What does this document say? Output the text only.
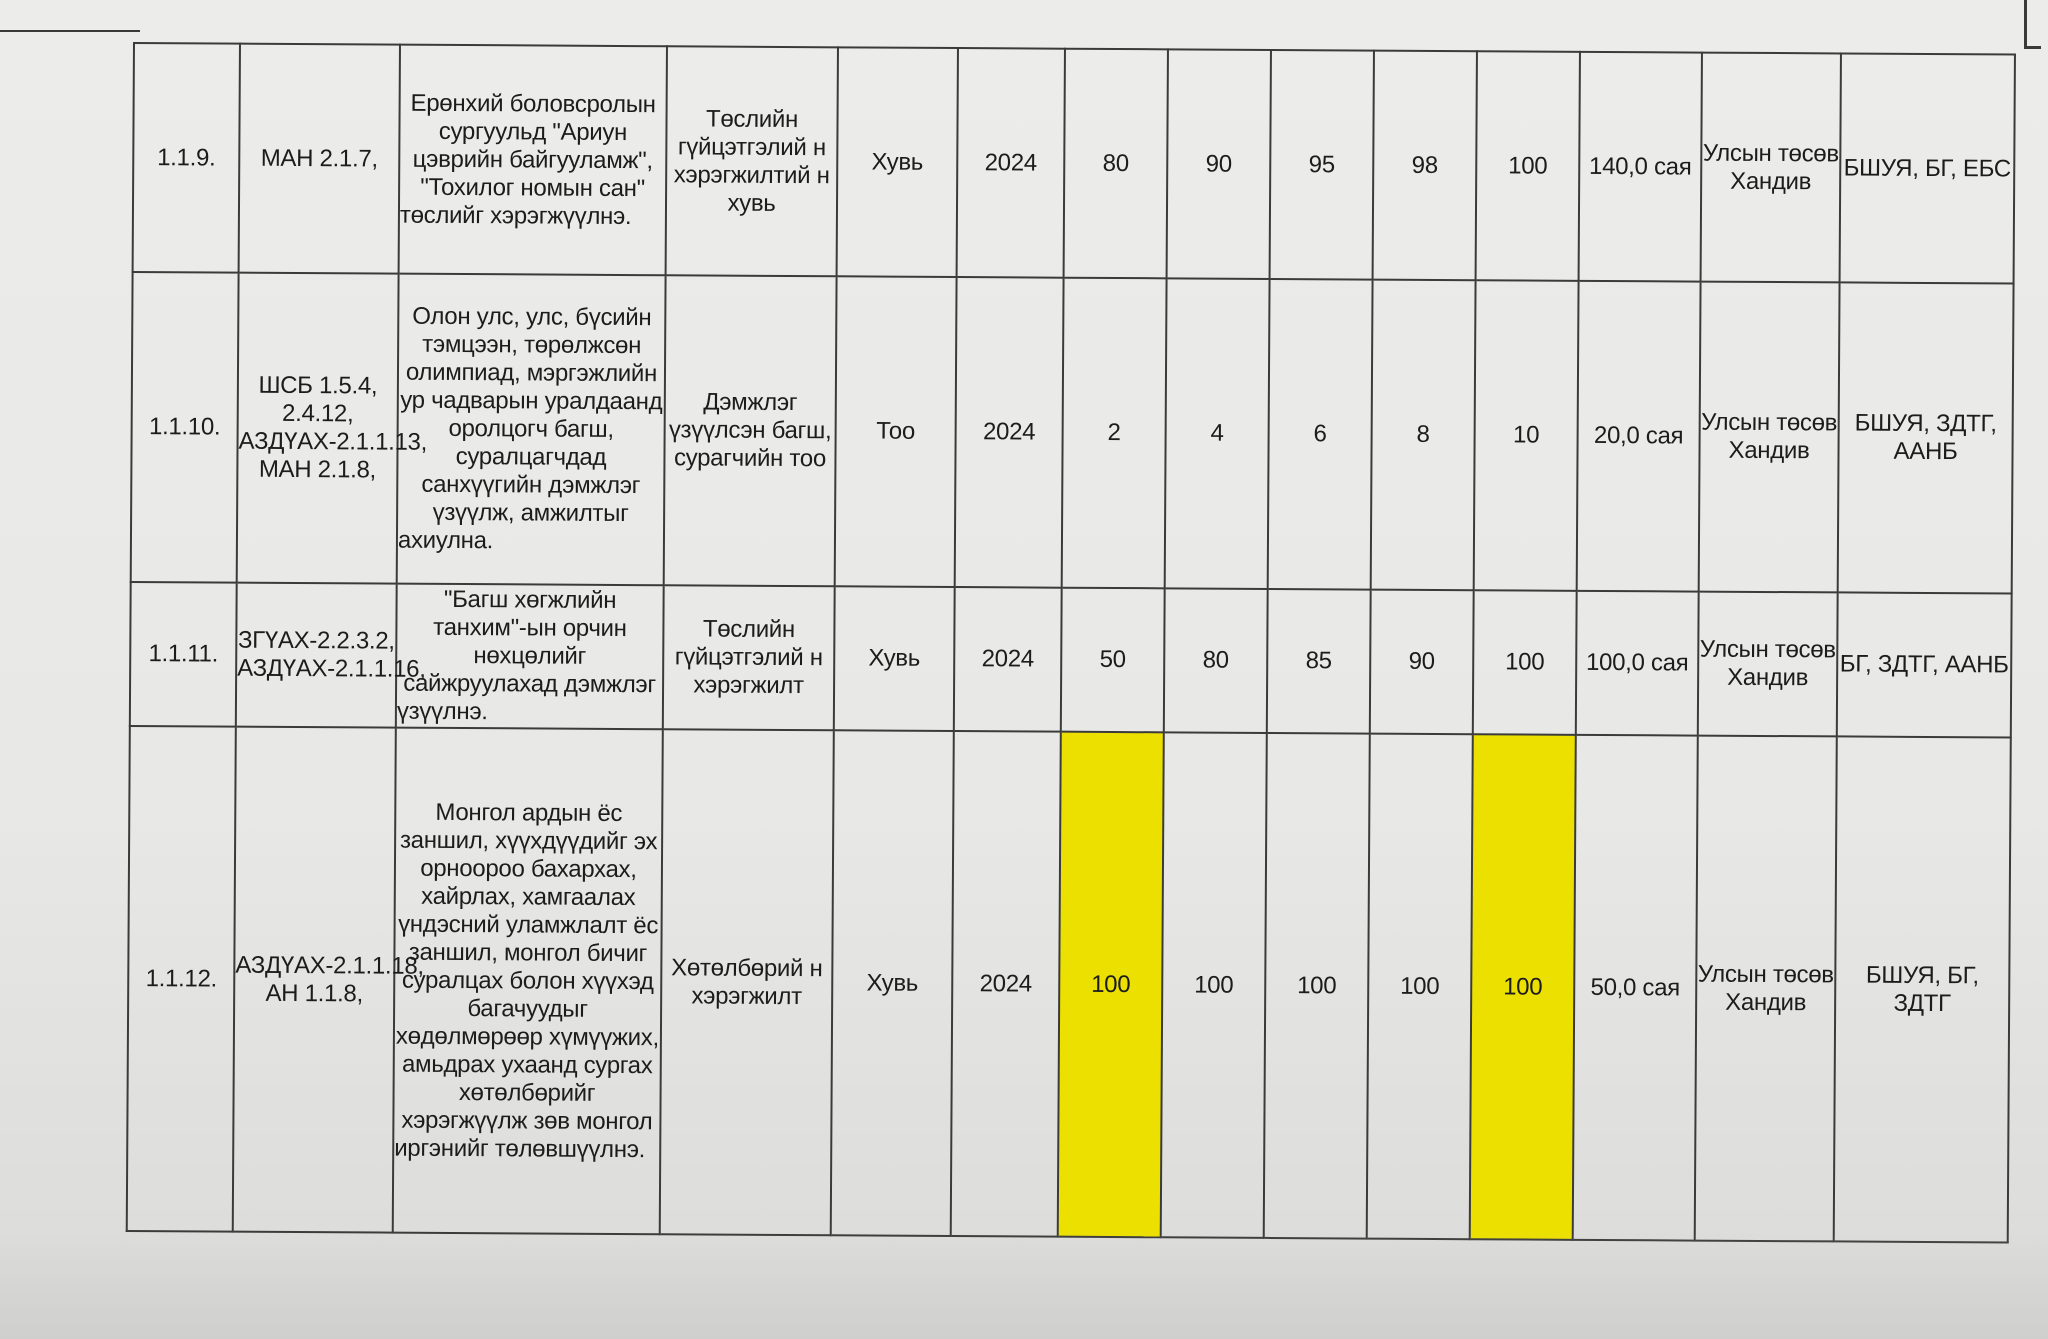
1.1.9.	МАН 2.1.7,	Ерөнхий боловсролын сургуульд "Ариун цэврийн байгууламж", "Тохилог номын сан" төслийг хэрэгжүүлнэ.	Төслийн гүйцэтгэлий н хэрэгжилтий н хувь	Хувь	2024	80	90	95	98	100	140,0 сая	Улсын төсөв Хандив	БШУЯ, БГ, ЕБС
1.1.10.	ШСБ 1.5.4, 2.4.12, АЗДҮАХ-2.1.1.13, МАН 2.1.8,	Олон улс, улс, бүсийн тэмцээн, төрөлжсөн олимпиад, мэргэжлийн ур чадварын уралдаанд оролцогч багш, суралцагчдад санхүүгийн дэмжлэг үзүүлж, амжилтыг ахиулна.	Дэмжлэг үзүүлсэн багш, сурагчийн тоо	Тоо	2024	2	4	6	8	10	20,0 сая	Улсын төсөв Хандив	БШУЯ, ЗДТГ, ААНБ
1.1.11.	ЗГҮАХ-2.2.3.2, АЗДҮАХ-2.1.1.16,	"Багш хөгжлийн танхим"-ын орчин нөхцөлийг сайжруулахад дэмжлэг үзүүлнэ.	Төслийн гүйцэтгэлий н хэрэгжилт	Хувь	2024	50	80	85	90	100	100,0 сая	Улсын төсөв Хандив	БГ, ЗДТГ, ААНБ
1.1.12.	АЗДҮАХ-2.1.1.18, АН 1.1.8,	Монгол ардын ёс заншил, хүүхдүүдийг эх орноороо бахархах, хайрлах, хамгаалах үндэсний уламжлалт ёс заншил, монгол бичиг суралцах болон хүүхэд багачуудыг хөдөлмөрөөр хүмүүжих, амьдрах ухаанд сургах хөтөлбөрийг хэрэгжүүлж зөв монгол иргэнийг төлөвшүүлнэ.	Хөтөлбөрий н хэрэгжилт	Хувь	2024	100	100	100	100	100	50,0 сая	Улсын төсөв Хандив	БШУЯ, БГ, ЗДТГ
